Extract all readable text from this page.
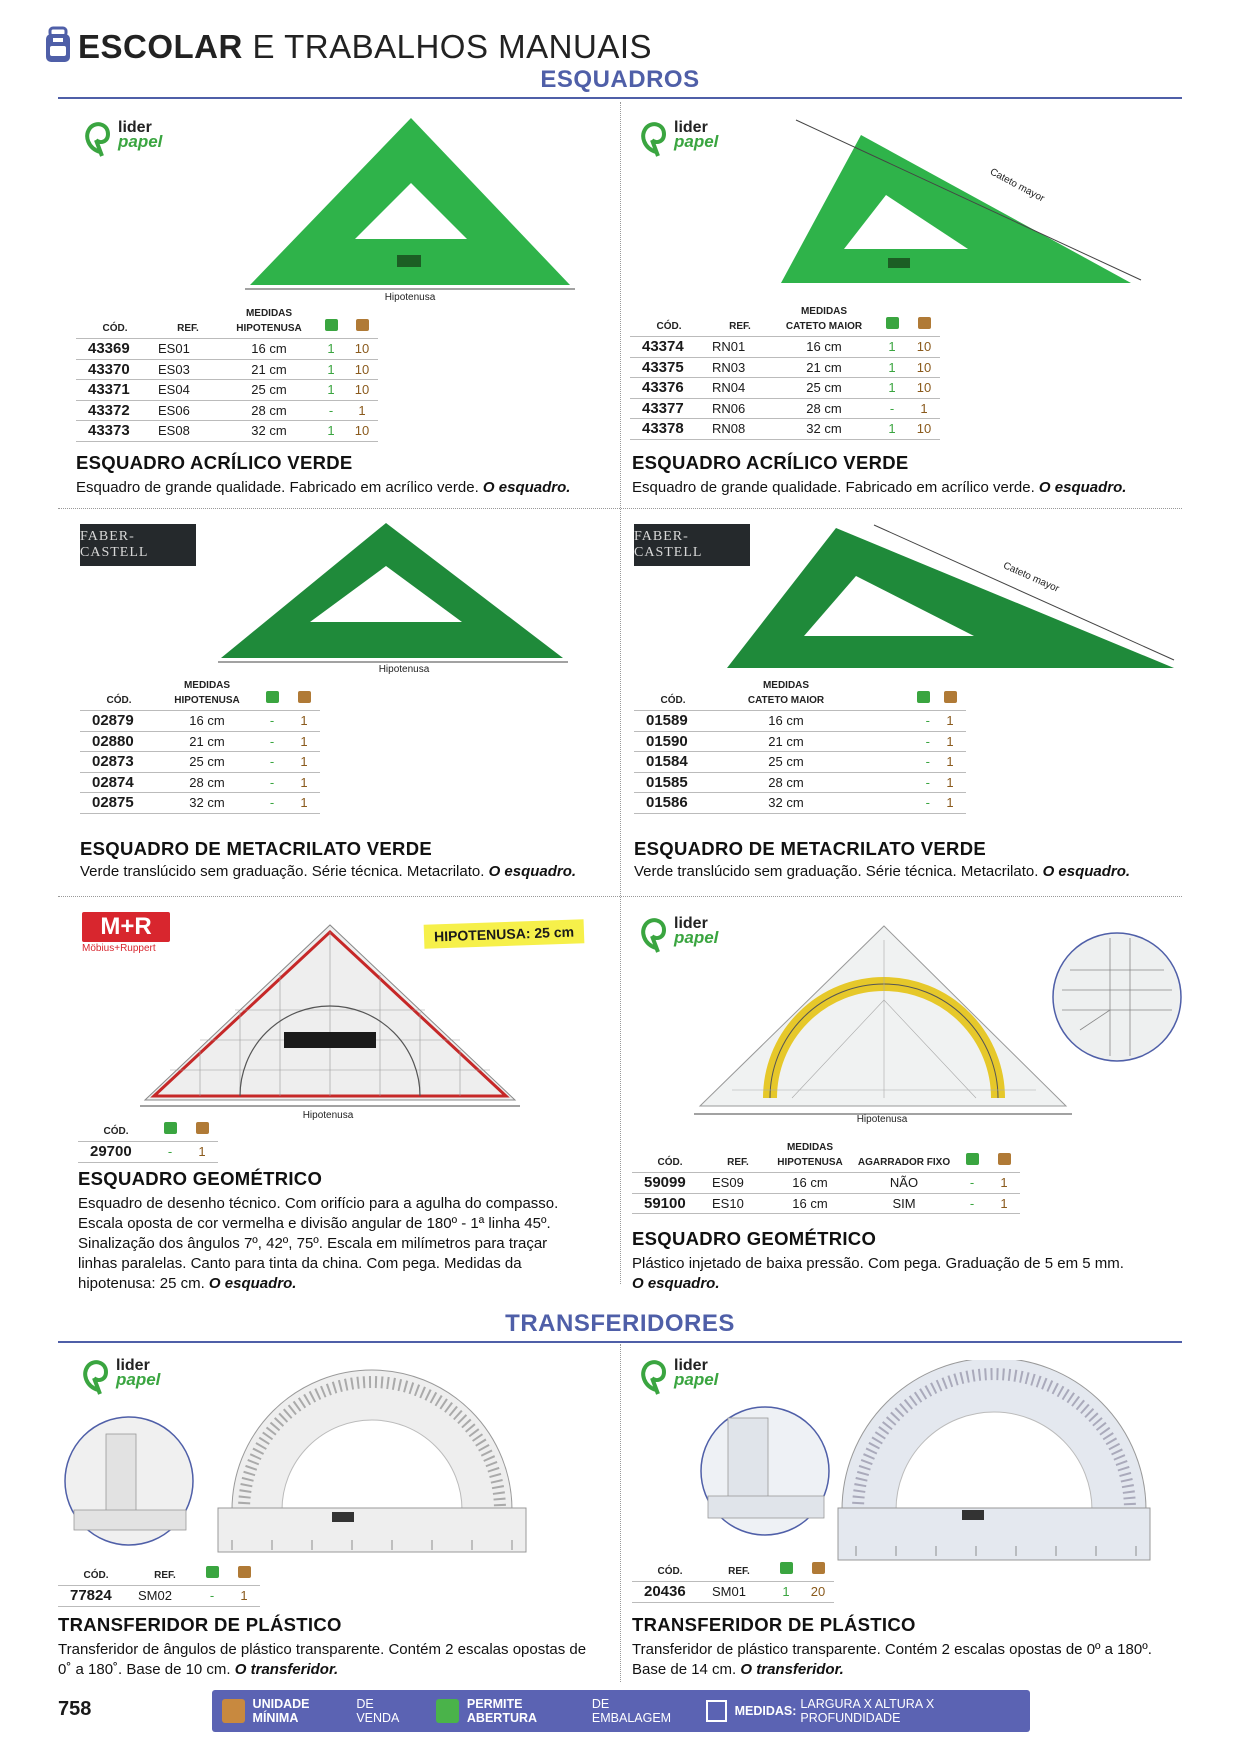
ESCOLAR E TRABALHOS MANUAIS
ESQUADROS
lider
papel
Hipotenusa
CÓD.	REF.	MEDIDAS
HIPOTENUSA		
43369	ES01	16 cm	1	10
43370	ES03	21 cm	1	10
43371	ES04	25 cm	1	10
43372	ES06	28 cm	-	1
43373	ES08	32 cm	1	10
ESQUADRO ACRÍLICO VERDE
Esquadro de grande qualidade. Fabricado em acrílico verde. O esquadro.
lider
papel
Cateto mayor
CÓD.	REF.	MEDIDAS
CATETO MAIOR		
43374	RN01	16 cm	1	10
43375	RN03	21 cm	1	10
43376	RN04	25 cm	1	10
43377	RN06	28 cm	-	1
43378	RN08	32 cm	1	10
ESQUADRO ACRÍLICO VERDE
Esquadro de grande qualidade. Fabricado em acrílico verde. O esquadro.
FABER-CASTELL
Hipotenusa
CÓD.	MEDIDAS
HIPOTENUSA		
02879	16 cm	-	1
02880	21 cm	-	1
02873	25 cm	-	1
02874	28 cm	-	1
02875	32 cm	-	1
ESQUADRO DE METACRILATO VERDE
Verde translúcido sem graduação. Série técnica. Metacrilato. O esquadro.
FABER-CASTELL
Cateto mayor
CÓD.	MEDIDAS
CATETO MAIOR		
01589	16 cm	-	1
01590	21 cm	-	1
01584	25 cm	-	1
01585	28 cm	-	1
01586	32 cm	-	1
ESQUADRO DE METACRILATO VERDE
Verde translúcido sem graduação. Série técnica. Metacrilato. O esquadro.
M+R
Möbius+Ruppert
HIPOTENUSA: 25 cm
Hipotenusa
CÓD.		
29700	-	1
ESQUADRO GEOMÉTRICO
Esquadro de desenho técnico. Com orifício para a agulha do compasso.
Escala oposta de cor vermelha e divisão angular de 180º - 1ª linha 45º.
Sinalização dos ângulos 7º, 42º, 75º. Escala em milímetros para traçar
linhas paralelas. Canto para tinta da china. Com pega. Medidas da
hipotenusa: 25 cm. O esquadro.
lider
papel
Hipotenusa
CÓD.	REF.	MEDIDAS
HIPOTENUSA	AGARRADOR FIXO		
59099	ES09	16 cm	NÃO	-	1
59100	ES10	16 cm	SIM	-	1
ESQUADRO GEOMÉTRICO
Plástico injetado de baixa pressão. Com pega. Graduação de 5 em 5 mm.
O esquadro.
TRANSFERIDORES
lider
papel
CÓD.	REF.		
77824	SM02	-	1
TRANSFERIDOR DE PLÁSTICO
Transferidor de ângulos de plástico transparente. Contém 2 escalas opostas de
0˚ a 180˚. Base de 10 cm. O transferidor.
lider
papel
CÓD.	REF.		
20436	SM01	1	20
TRANSFERIDOR DE PLÁSTICO
Transferidor de plástico transparente. Contém 2 escalas opostas de 0º a 180º.
Base de 14 cm. O transferidor.
758	UNIDADE MÍNIMA
DE VENDA
PERMITE ABERTURA
DE EMBALAGEM	MEDIDAS: LARGURA X ALTURA X PROFUNDIDADE
